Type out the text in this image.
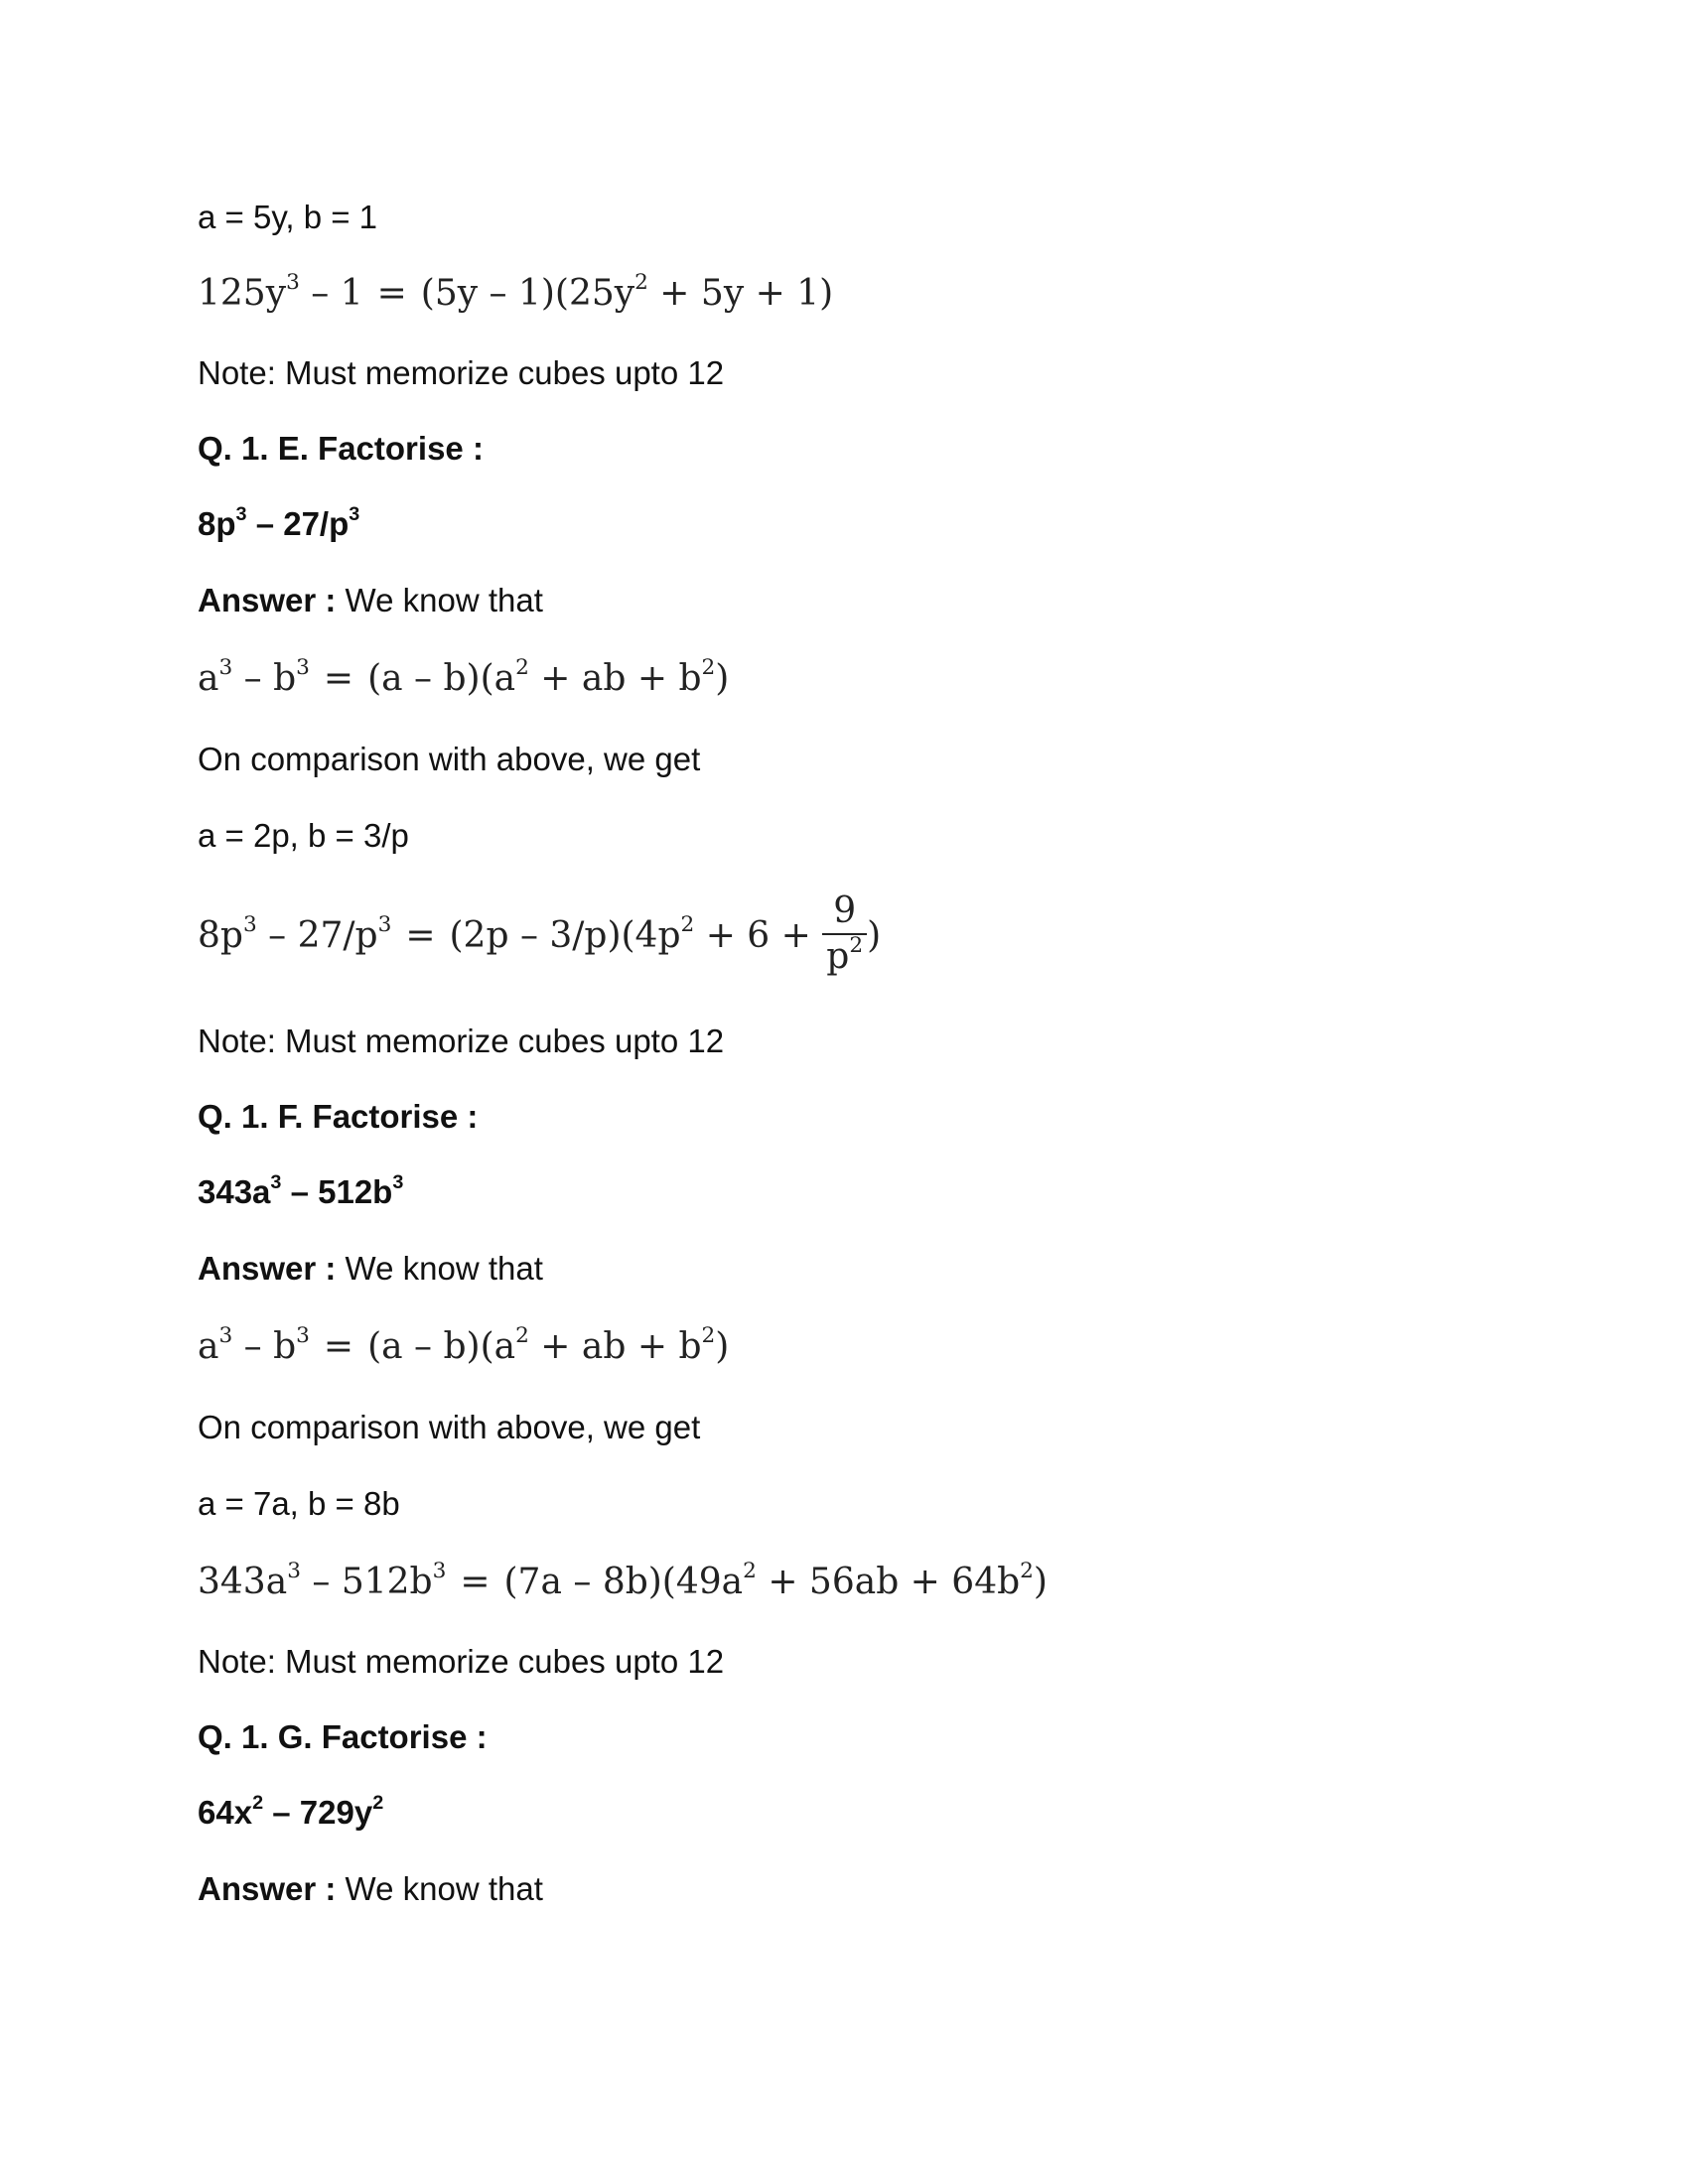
a = 5y, b = 1
$125y^3 - 1 = (5y - 1)(25y^2 + 5y + 1)$
Note: Must memorize cubes upto 12
Q. 1. E. Factorise :
$8p^3 - 27/p^3$
Answer : We know that
$a^3 - b^3 = (a - b)(a^2$ + ab + $b^2$)
On comparison with above, we get
a = 2p, b = 3/p
$8p^3 - 27/p^3 = (2p - 3/p)(4p^2 + 6 + \frac{9}{p^2}$ )
Note: Must memorize cubes upto 12
Q. 1. F. Factorise :
$343a^3 - 512b^3$
Answer : We know that
$a^3 - b^3 = (a - b)(a^2$ + ab + $b^2$)
On comparison with above, we get
a = 7a, b = 8b
$343a^3 - 512b^3 = (7a - 8b)(49a^2 + 56ab + 64b^2)$
Note: Must memorize cubes upto 12
Q. 1. G. Factorise :
$64x^2 - 729y^2$
Answer : We know that
